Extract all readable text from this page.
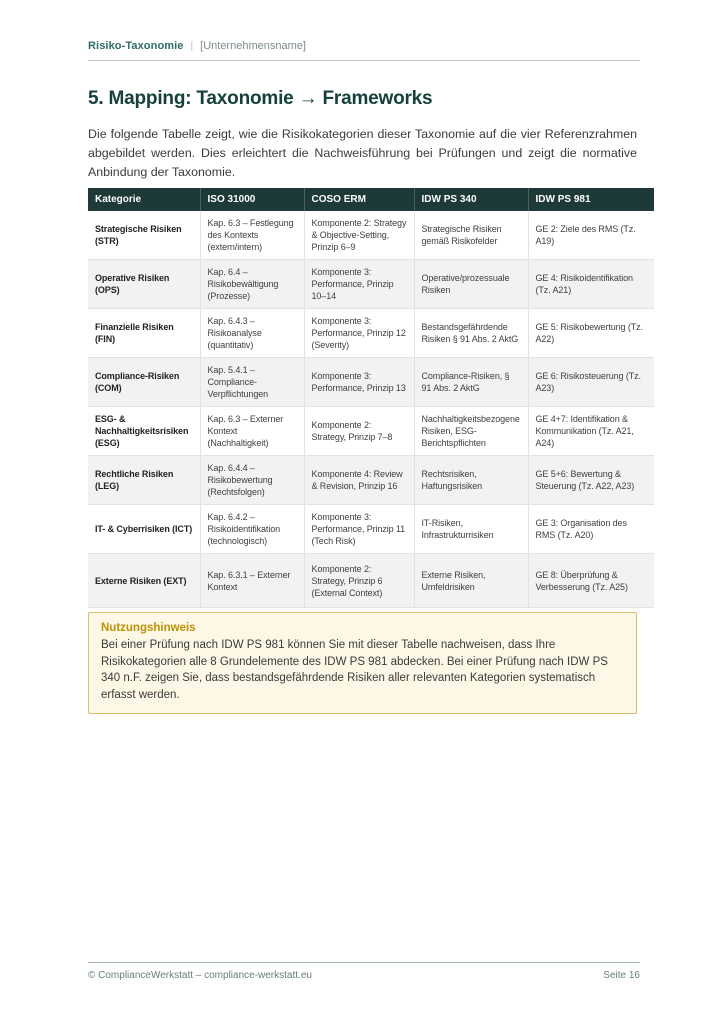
Risiko-Taxonomie | [Unternehmensname]
5. Mapping: Taxonomie → Frameworks

Die folgende Tabelle zeigt, wie die Risikokategorien dieser Taxonomie auf die vier Referenzrahmen abgebildet werden. Dies erleichtert die Nachweisführung bei Prüfungen und zeigt die normative Anbindung der Taxonomie.

Kategorie	ISO 31000	COSO ERM	IDW PS 340	IDW PS 981
Strategische Risiken (STR)	Kap. 6.3 – Festlegung des Kontexts (extern/intern)	Komponente 2: Strategy & Objective-Setting, Prinzip 6–9	Strategische Risiken gemäß Risikofelder	GE 2: Ziele des RMS (Tz. A19)
Operative Risiken (OPS)	Kap. 6.4 – Risikobewältigung (Prozesse)	Komponente 3: Performance, Prinzip 10–14	Operative/prozessuale Risiken	GE 4: Risikoidentifikation (Tz. A21)
Finanzielle Risiken (FIN)	Kap. 6.4.3 – Risikoanalyse (quantitativ)	Komponente 3: Performance, Prinzip 12 (Severity)	Bestandsgefährdende Risiken § 91 Abs. 2 AktG	GE 5: Risikobewertung (Tz. A22)
Compliance-Risiken (COM)	Kap. 5.4.1 – Compliance-Verpflichtungen	Komponente 3: Performance, Prinzip 13	Compliance-Risiken, § 91 Abs. 2 AktG	GE 6: Risikosteuerung (Tz. A23)
ESG- & Nachhaltigkeitsrisiken (ESG)	Kap. 6.3 – Externer Kontext (Nachhaltigkeit)	Komponente 2: Strategy, Prinzip 7–8	Nachhaltigkeitsbezogene Risiken, ESG-Berichtspflichten	GE 4+7: Identifikation & Kommunikation (Tz. A21, A24)
Rechtliche Risiken (LEG)	Kap. 6.4.4 – Risikobewertung (Rechtsfolgen)	Komponente 4: Review & Revision, Prinzip 16	Rechtsrisiken, Haftungsrisiken	GE 5+6: Bewertung & Steuerung (Tz. A22, A23)
IT- & Cyberrisiken (ICT)	Kap. 6.4.2 – Risikoidentifikation (technologisch)	Komponente 3: Performance, Prinzip 11 (Tech Risk)	IT-Risiken, Infrastrukturrisiken	GE 3: Organisation des RMS (Tz. A20)
Externe Risiken (EXT)	Kap. 6.3.1 – Externer Kontext	Komponente 2: Strategy, Prinzip 6 (External Context)	Externe Risiken, Umfeldrisiken	GE 8: Überprüfung & Verbesserung (Tz. A25)
Nutzungshinweis
Bei einer Prüfung nach IDW PS 981 können Sie mit dieser Tabelle nachweisen, dass Ihre Risikokategorien alle 8 Grundelemente des IDW PS 981 abdecken. Bei einer Prüfung nach IDW PS 340 n.F. zeigen Sie, dass bestandsgefährdende Risiken aller relevanten Kategorien systematisch erfasst werden.
© ComplianceWerkstatt – compliance-werkstatt.eu	Seite 16
